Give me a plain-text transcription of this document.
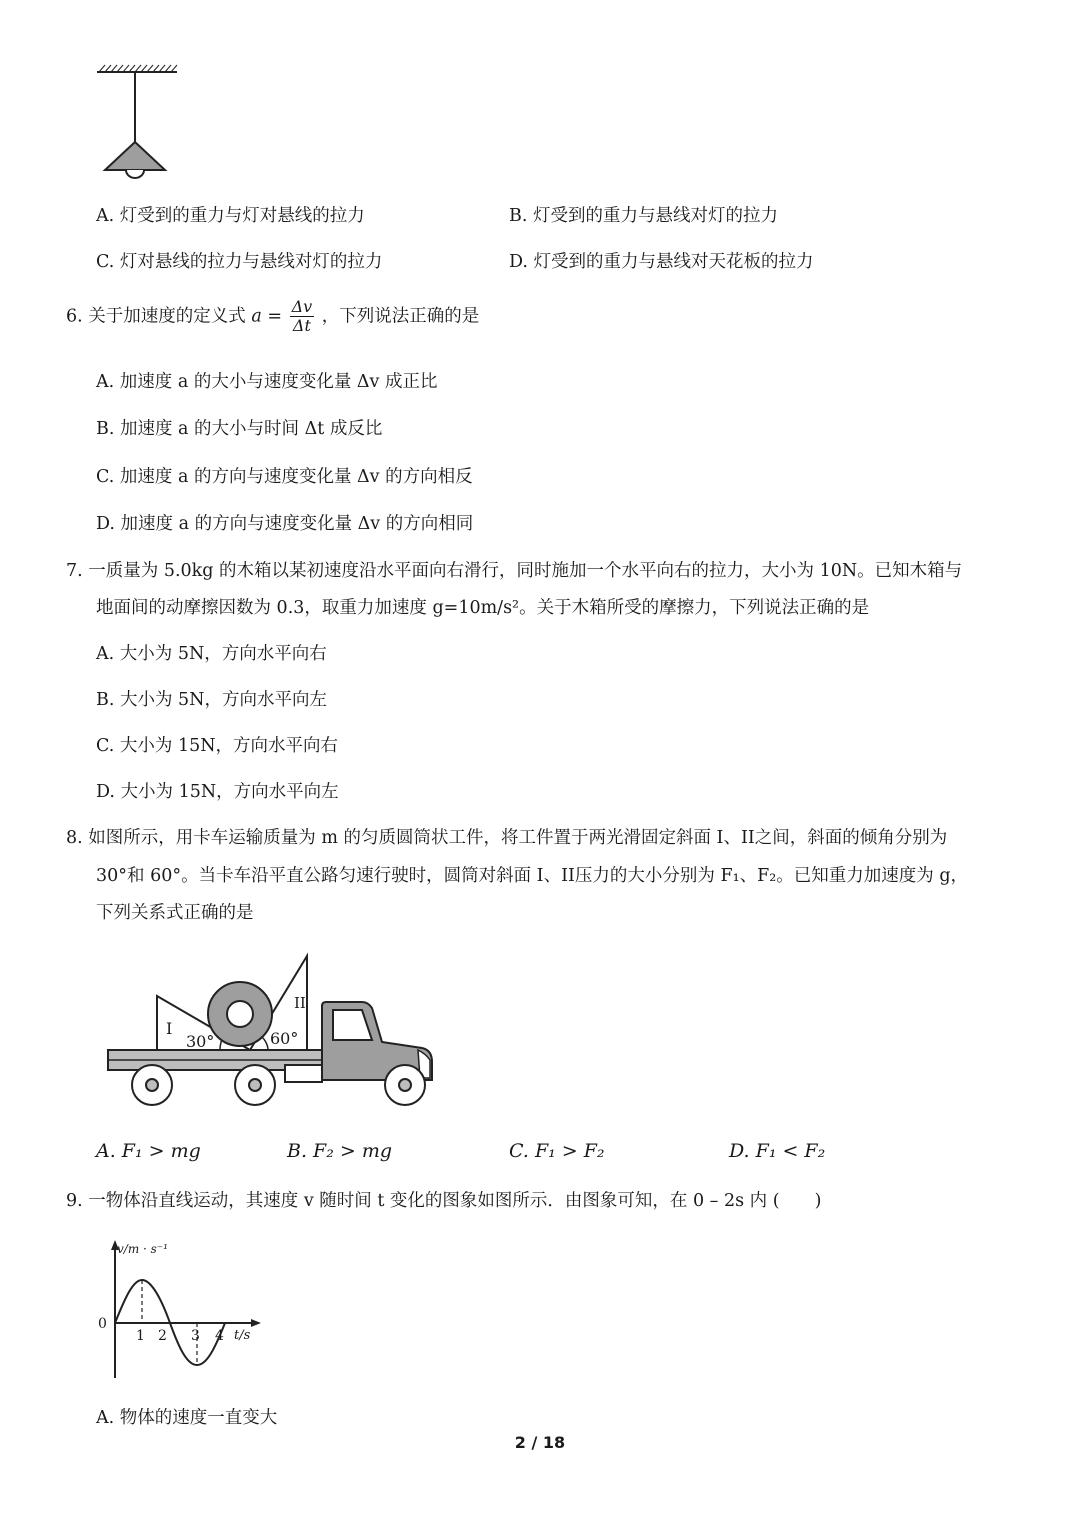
A. 灯受到的重力与灯对悬线的拉力	B. 灯受到的重力与悬线对灯的拉力
C. 灯对悬线的拉力与悬线对灯的拉力	D. 灯受到的重力与悬线对天花板的拉力
6. 关于加速度的定义式 $a = \frac{\Delta v}{\Delta t}$ ，下列说法正确的是
A. 加速度 a 的大小与速度变化量 Δv 成正比
B. 加速度 a 的大小与时间 Δt 成反比
C. 加速度 a 的方向与速度变化量 Δv 的方向相反
D. 加速度 a 的方向与速度变化量 Δv 的方向相同
7. 一质量为 5.0kg 的木箱以某初速度沿水平面向右滑行，同时施加一个水平向右的拉力，大小为 10N。已知木箱与
地面间的动摩擦因数为 0.3，取重力加速度 g=10m/s²。关于木箱所受的摩擦力，下列说法正确的是
A. 大小为 5N，方向水平向右
B. 大小为 5N，方向水平向左
C. 大小为 15N，方向水平向右
D. 大小为 15N，方向水平向左
8. 如图所示，用卡车运输质量为 m 的匀质圆筒状工件，将工件置于两光滑固定斜面 I、II之间，斜面的倾角分别为
30°和 60°。当卡车沿平直公路匀速行驶时，圆筒对斜面 I、II压力的大小分别为 F₁、F₂。已知重力加速度为 g，
下列关系式正确的是
I
II
30°	60°
A. F₁ > mg	B. F₂ > mg	C. F₁ > F₂	D. F₁ < F₂
9. 一物体沿直线运动，其速度 v 随时间 t 变化的图象如图所示．由图象可知，在 0 – 2s 内 (　　)
v/m · s⁻¹
0
1 2 3 4 t/s
A. 物体的速度一直变大
2 / 18
